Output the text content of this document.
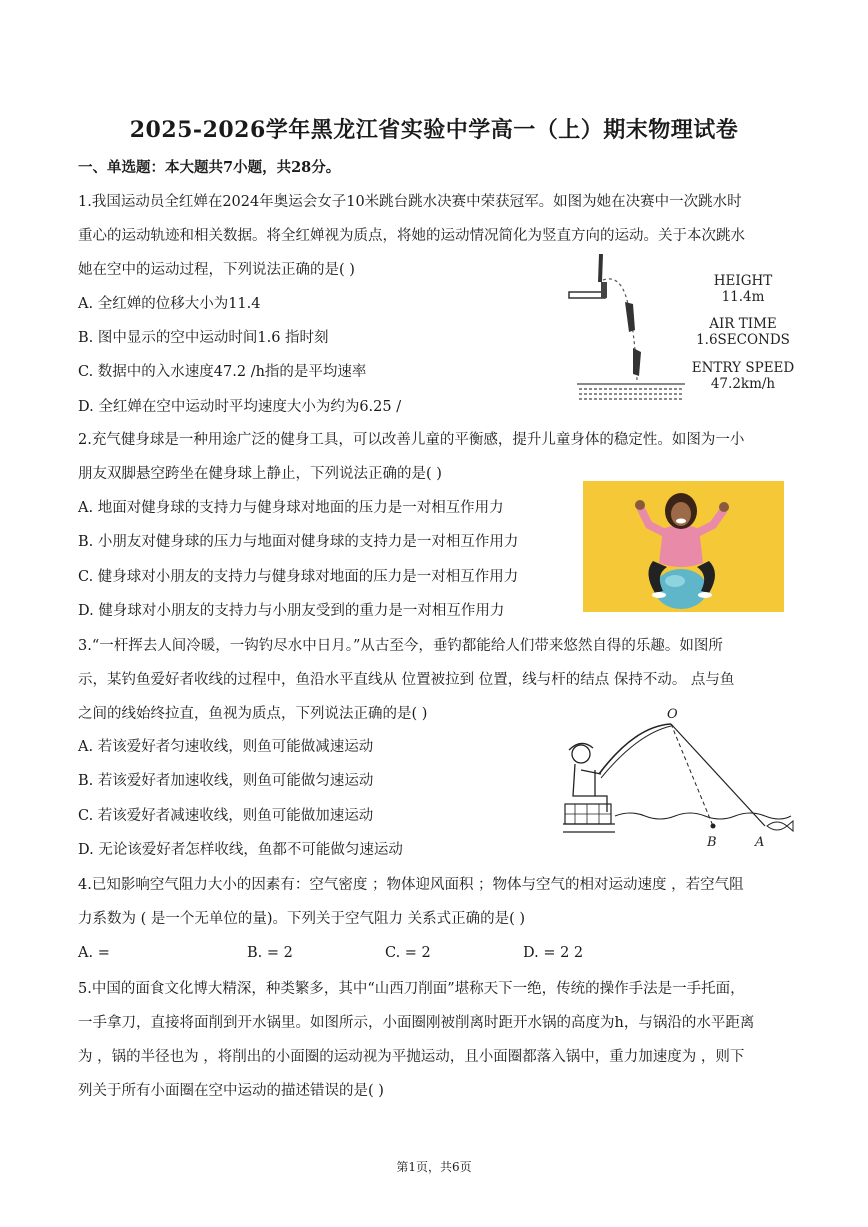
2025-2026学年黑龙江省实验中学高一（上）期末物理试卷
一、单选题：本大题共7小题，共28分。
1.我国运动员全红婵在2024年奥运会女子10米跳台跳水决赛中荣获冠军。如图为她在决赛中一次跳水时
重心的运动轨迹和相关数据。将全红婵视为质点，将她的运动情况简化为竖直方向的运动。关于本次跳水
她在空中的运动过程，下列说法正确的是( )
A. 全红婵的位移大小为11.4
B. 图中显示的空中运动时间1.6 指时刻
C. 数据中的入水速度47.2 /h指的是平均速率
D. 全红婵在空中运动时平均速度大小为约为6.25 /
HEIGHT
11.4m
AIR TIME
1.6SECONDS
ENTRY SPEED
47.2km/h
2.充气健身球是一种用途广泛的健身工具，可以改善儿童的平衡感，提升儿童身体的稳定性。如图为一小
朋友双脚悬空跨坐在健身球上静止，下列说法正确的是( )
A. 地面对健身球的支持力与健身球对地面的压力是一对相互作用力
B. 小朋友对健身球的压力与地面对健身球的支持力是一对相互作用力
C. 健身球对小朋友的支持力与健身球对地面的压力是一对相互作用力
D. 健身球对小朋友的支持力与小朋友受到的重力是一对相互作用力
3.“一杆挥去人间冷暖，一钩钓尽水中日月。”从古至今，垂钓都能给人们带来悠然自得的乐趣。如图所
示，某钓鱼爱好者收线的过程中，鱼沿水平直线从 位置被拉到 位置，线与杆的结点 保持不动。 点与鱼
之间的线始终拉直，鱼视为质点，下列说法正确的是( )
A. 若该爱好者匀速收线，则鱼可能做减速运动
B. 若该爱好者加速收线，则鱼可能做匀速运动
C. 若该爱好者减速收线，则鱼可能做加速运动
D. 无论该爱好者怎样收线，鱼都不可能做匀速运动
O
B	A
4.已知影响空气阻力大小的因素有：空气密度 ；物体迎风面积 ；物体与空气的相对运动速度 ，若空气阻
力系数为 ( 是一个无单位的量)。下列关于空气阻力 关系式正确的是( )
A. =	B. = 2	C. = 2	D. = 2 2
5.中国的面食文化博大精深，种类繁多，其中“山西刀削面”堪称天下一绝，传统的操作手法是一手托面，
一手拿刀，直接将面削到开水锅里。如图所示，小面圈刚被削离时距开水锅的高度为h，与锅沿的水平距离
为 ，锅的半径也为 ，将削出的小面圈的运动视为平抛运动，且小面圈都落入锅中，重力加速度为 ，则下
列关于所有小面圈在空中运动的描述错误的是( )
第1页，共6页
